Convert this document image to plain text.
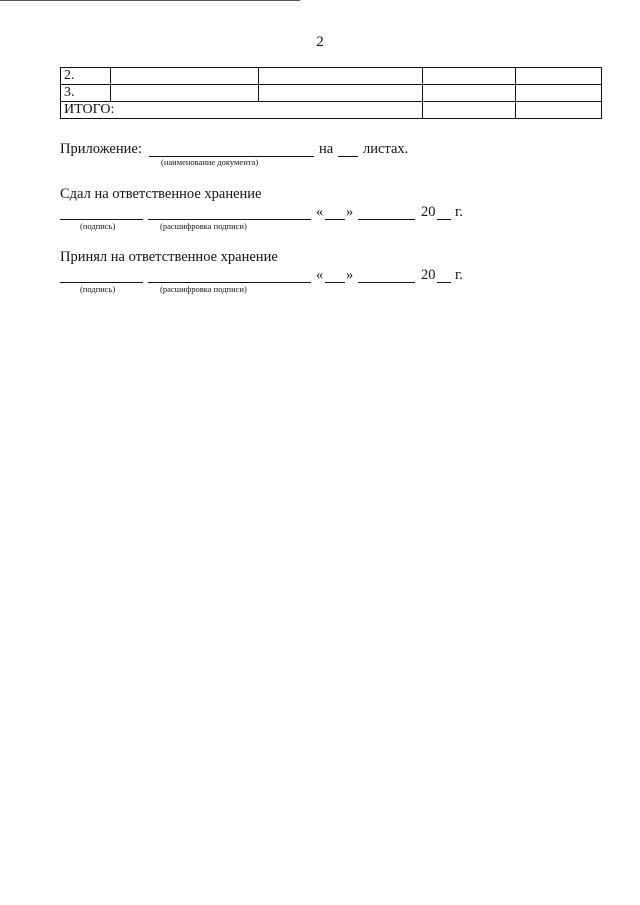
2
2.				
3.				
ИТОГО:				
Приложение:
(наименование документа)
на листах.
Сдал на ответственное хранение
« »	20 г.
(подпись)	(расшифровка подписи)
Принял на ответственное хранение
« »	20 г.
(подпись)	(расшифровка подписи)
